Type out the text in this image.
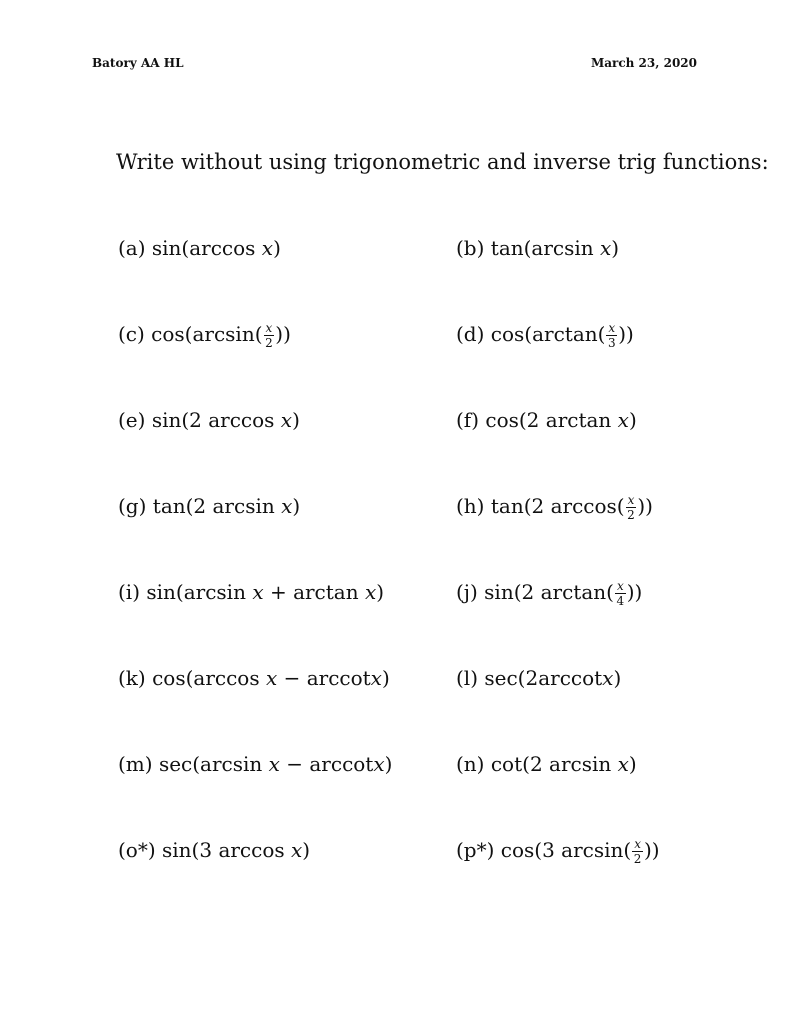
Batory AA HL	March 23, 2020
Write without using trigonometric and inverse trig functions:
(a) sin(arccos x)	(b) tan(arcsin x)
(c) $\cos(\arcsin( \frac{x}{2}$ ))	(d) $\cos(\arctan( \frac{x}{3}$ ))
(e) sin(2 arccos x)	(f) cos(2 arctan x)
(g) tan(2 arcsin x)	(h) tan(2 $\arccos( \frac{x}{2}$ ))
(i) sin(arcsin x + arctan x)	(j) sin(2 $\arctan( \frac{x}{4}$ ))
(k) cos(arccos x − arccotx)	(l) sec(2arccotx)
(m) sec(arcsin x − arccotx)	(n) cot(2 arcsin x)
(o*) sin(3 arccos x)	(p*) cos(3 $\arcsin( \frac{x}{2}$ ))
